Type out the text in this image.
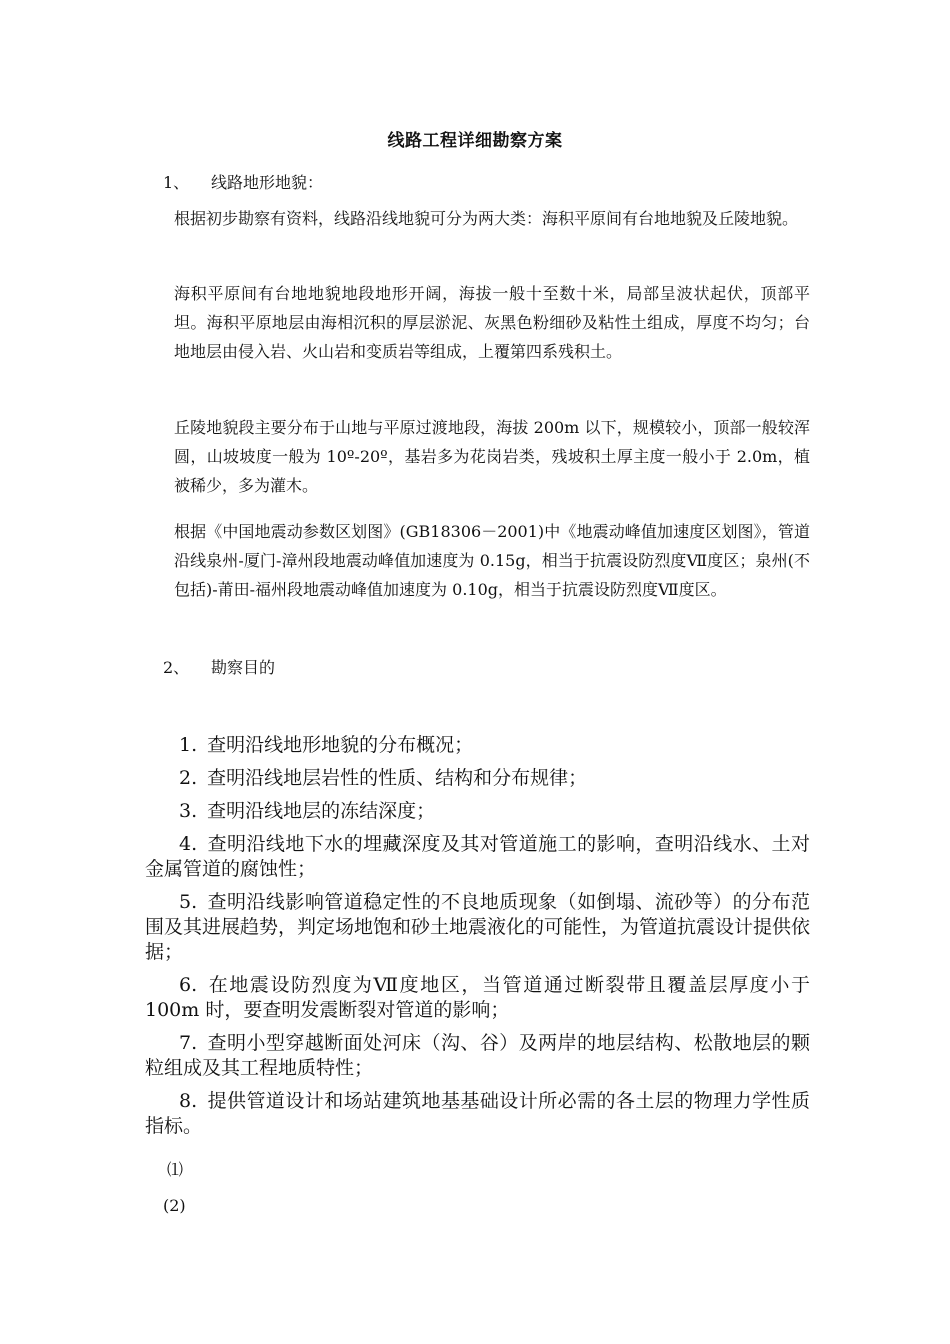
线路工程详细勘察方案
1、 线路地形地貌：
根据初步勘察有资料，线路沿线地貌可分为两大类：海积平原间有台地地貌及丘陵地貌。
海积平原间有台地地貌地段地形开阔，海拔一般十至数十米，局部呈波状起伏，顶部平坦。海积平原地层由海相沉积的厚层淤泥、灰黑色粉细砂及粘性土组成，厚度不均匀；台地地层由侵入岩、火山岩和变质岩等组成，上覆第四系残积土。
丘陵地貌段主要分布于山地与平原过渡地段，海拔 200m 以下，规模较小，顶部一般较浑圆，山坡坡度一般为 10º-20º，基岩多为花岗岩类，残坡积土厚主度一般小于 2.0m，植被稀少，多为灌木。
根据《中国地震动参数区划图》(GB18306－2001)中《地震动峰值加速度区划图》，管道沿线泉州-厦门-漳州段地震动峰值加速度为 0.15g，相当于抗震设防烈度Ⅶ度区；泉州(不包括)-莆田-福州段地震动峰值加速度为 0.10g，相当于抗震设防烈度Ⅶ度区。
2、 勘察目的

1. 查明沿线地形地貌的分布概况；

2. 查明沿线地层岩性的性质、结构和分布规律；

3. 查明沿线地层的冻结深度；

4. 查明沿线地下水的埋藏深度及其对管道施工的影响，查明沿线水、土对金属管道的腐蚀性；

5. 查明沿线影响管道稳定性的不良地质现象（如倒塌、流砂等）的分布范围及其进展趋势，判定场地饱和砂土地震液化的可能性，为管道抗震设计提供依据；

6. 在地震设防烈度为Ⅶ度地区，当管道通过断裂带且覆盖层厚度小于 100m 时，要查明发震断裂对管道的影响；

7. 查明小型穿越断面处河床（沟、谷）及两岸的地层结构、松散地层的颗粒组成及其工程地质特性；

8. 提供管道设计和场站建筑地基基础设计所必需的各土层的物理力学性质指标。

⑴
(2)
